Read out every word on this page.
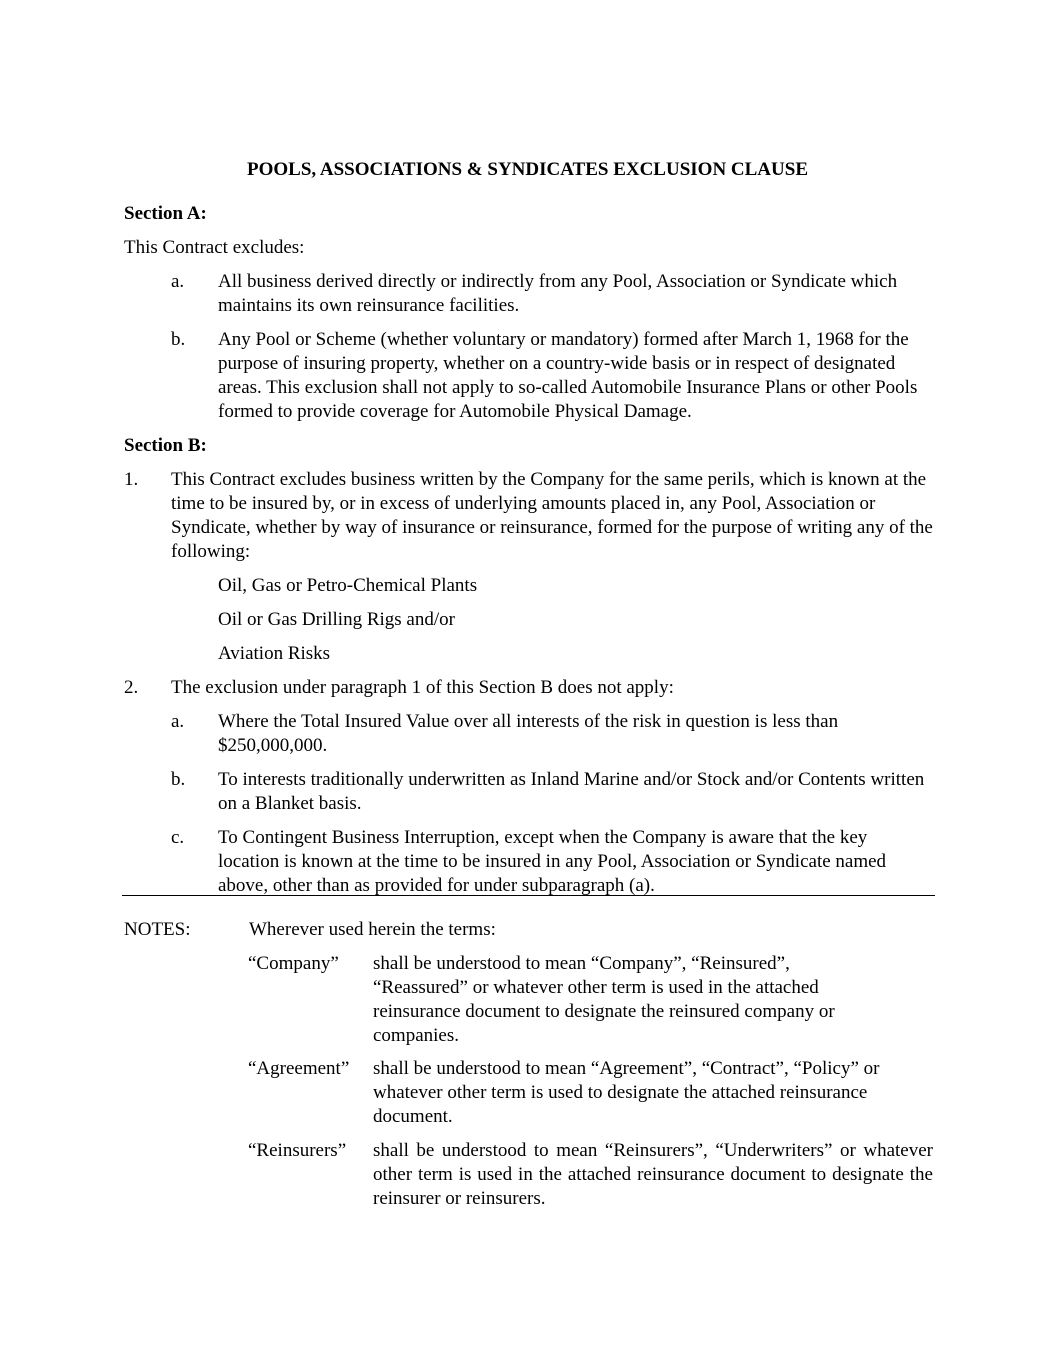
POOLS, ASSOCIATIONS & SYNDICATES EXCLUSION CLAUSE
Section A:
This Contract excludes:
a. All business derived directly or indirectly from any Pool, Association or Syndicate which maintains its own reinsurance facilities.
b. Any Pool or Scheme (whether voluntary or mandatory) formed after March 1, 1968 for the purpose of insuring property, whether on a country-wide basis or in respect of designated areas. This exclusion shall not apply to so-called Automobile Insurance Plans or other Pools formed to provide coverage for Automobile Physical Damage.
Section B:
1. This Contract excludes business written by the Company for the same perils, which is known at the time to be insured by, or in excess of underlying amounts placed in, any Pool, Association or Syndicate, whether by way of insurance or reinsurance, formed for the purpose of writing any of the following:
Oil, Gas or Petro-Chemical Plants
Oil or Gas Drilling Rigs and/or
Aviation Risks
2. The exclusion under paragraph 1 of this Section B does not apply:
a. Where the Total Insured Value over all interests of the risk in question is less than $250,000,000.
b. To interests traditionally underwritten as Inland Marine and/or Stock and/or Contents written on a Blanket basis.
c. To Contingent Business Interruption, except when the Company is aware that the key location is known at the time to be insured in any Pool, Association or Syndicate named above, other than as provided for under subparagraph (a).
NOTES:	Wherever used herein the terms:
“Company” shall be understood to mean “Company”, “Reinsured”, “Reassured” or whatever other term is used in the attached reinsurance document to designate the reinsured company or companies.
“Agreement” shall be understood to mean “Agreement”, “Contract”, “Policy” or whatever other term is used to designate the attached reinsurance document.
“Reinsurers” shall be understood to mean “Reinsurers”, “Underwriters” or whatever other term is used in the attached reinsurance document to designate the reinsurer or reinsurers.
